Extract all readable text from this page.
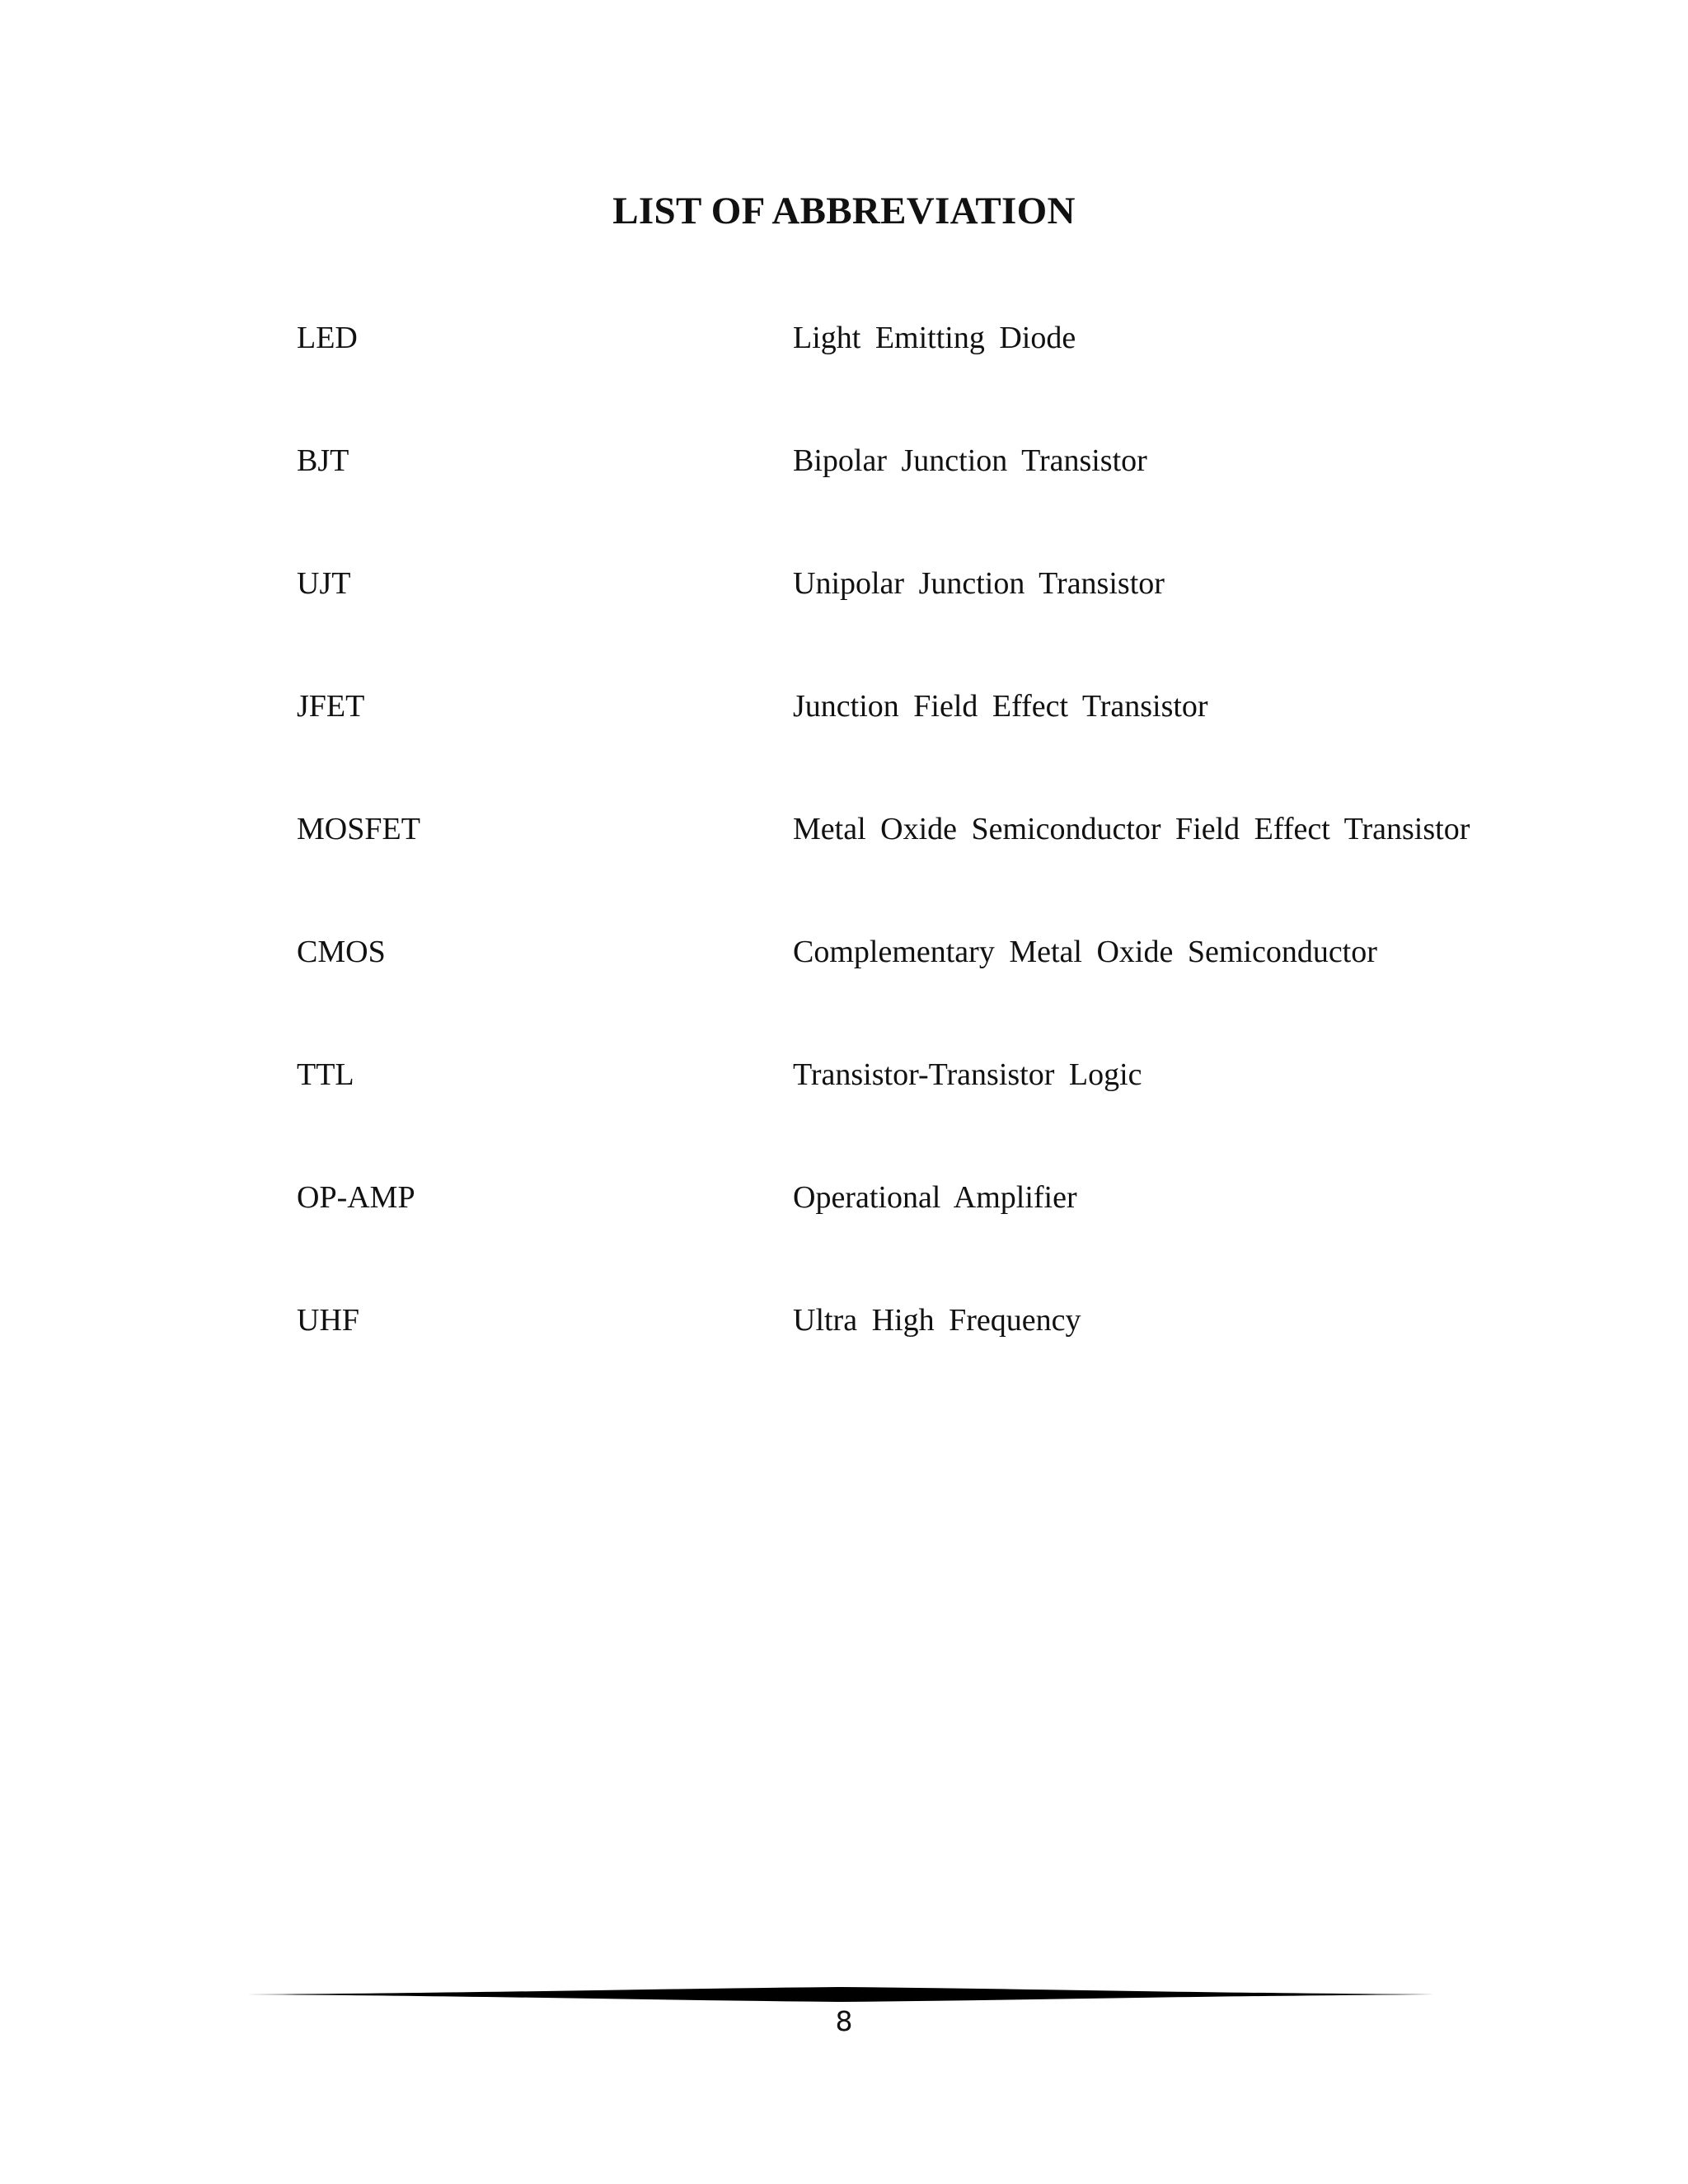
LIST OF ABBREVIATION
LED	Light Emitting Diode
BJT	Bipolar Junction Transistor
UJT	Unipolar Junction Transistor
JFET	Junction Field Effect Transistor
MOSFET	Metal Oxide Semiconductor Field Effect Transistor
CMOS	Complementary Metal Oxide Semiconductor
TTL	Transistor-Transistor Logic
OP-AMP	Operational Amplifier
UHF	Ultra High Frequency
8
